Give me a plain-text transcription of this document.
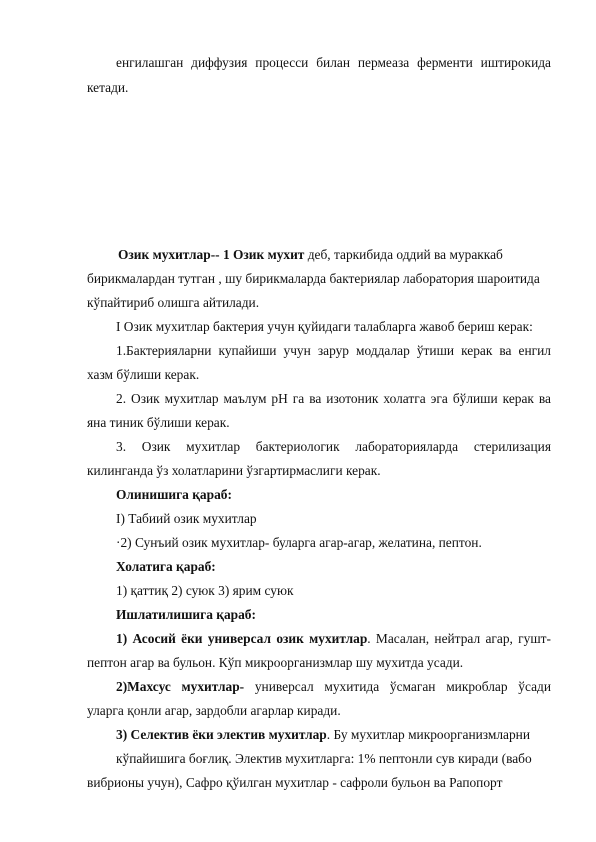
енгилашган диффузия процесси билан пермеаза ферменти иштирокида
кетади.
Озик мухитлар-- 1 Озик мухит деб, таркибида оддий ва мураккаб
бирикмалардан тутган , шу бирикмаларда бактериялар лаборатория шароитида
кўпайтириб олишга айтилади.
I Озик мухитлар бактерия учун қуйидаги талабларга жавоб бериш керак:
1.Бактерияларни купайиши учун зарур моддалар ўтиши керак ва енгил
хазм бўлиши керак.
2. Озик мухитлар маълум pH га ва изотоник холатга эга бўлиши керак ва
яна тиник бўлиши керак.
3. Озик мухитлар бактериологик лабораторияларда стерилизация
килинганда ўз холатларини ўзгартирмаслиги керак.
Олинишига қараб:
I) Табиий озик мухитлар
·2) Сунъий озик мухитлар- буларга агар-агар, желатина, пептон.
Холатига қараб:
1) қаттиқ 2) суюк 3) ярим суюк
Ишлатилишига қараб:
1) Асосий ёки универсал озик мухитлар. Масалан, нейтрал агар, гушт-
пептон агар ва бульон. Кўп микроорганизмлар шу мухитда усади.
2)Махсус мухитлар- универсал мухитида ўсмаган микроблар ўсади
уларга қонли агар, зардобли агарлар киради.
3) Селектив ёки электив мухитлар. Бу мухитлар микроорганизмларни
кўпайишига боғлиқ. Электив мухитларга: 1% пептонли сув киради (вабо
вибрионы учун), Сафро қўилган мухитлар - сафроли бульон ва Рапопорт
